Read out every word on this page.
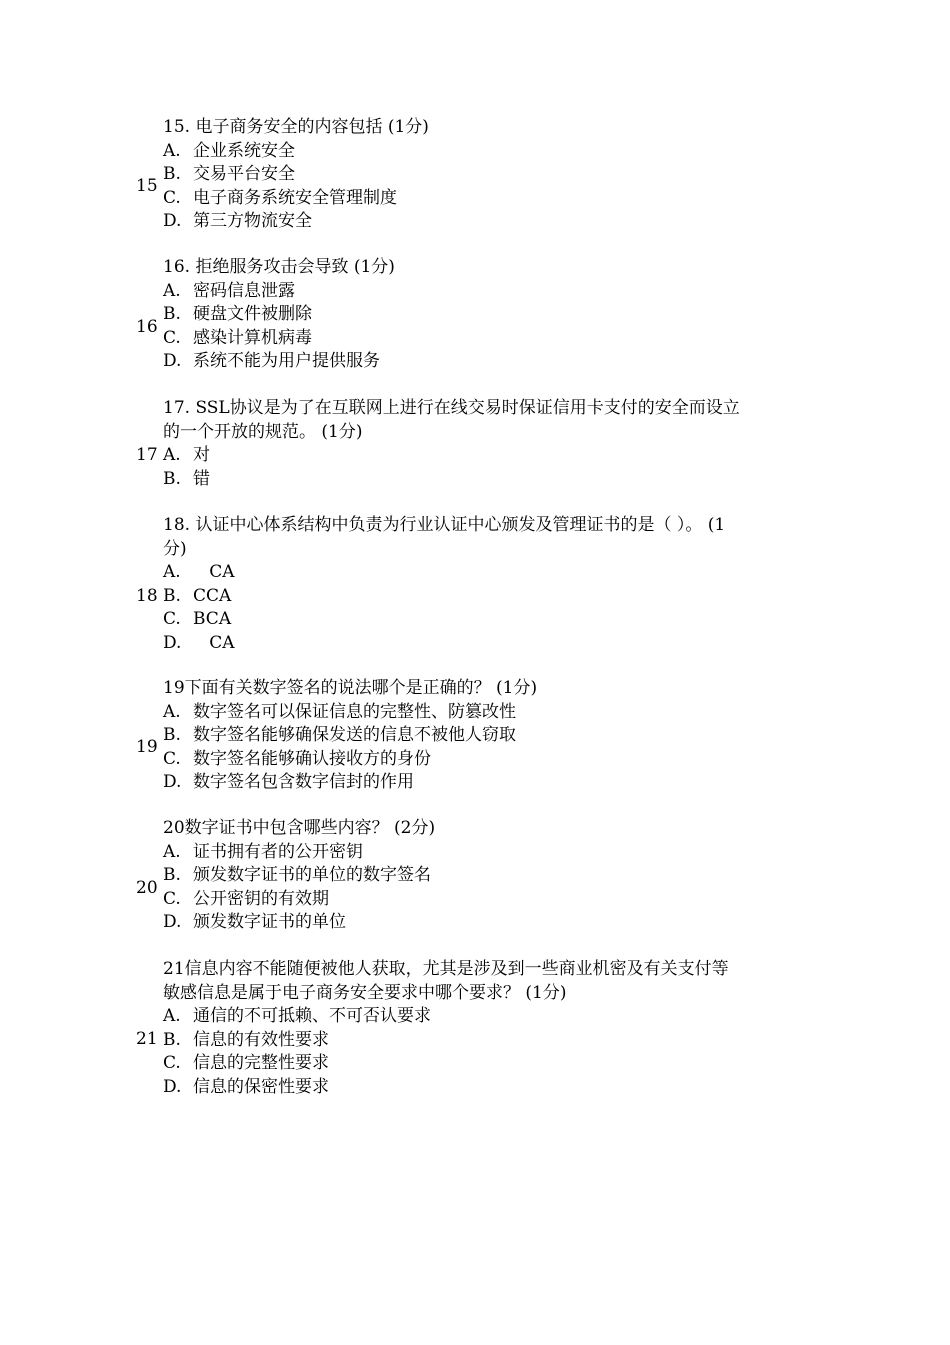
15
15. 电子商务安全的内容包括 (1分)
A. 企业系统安全
B. 交易平台安全
C. 电子商务系统安全管理制度
D. 第三方物流安全
16
16. 拒绝服务攻击会导致 (1分)
A. 密码信息泄露
B. 硬盘文件被删除
C. 感染计算机病毒
D. 系统不能为用户提供服务
17
17. SSL协议是为了在互联网上进行在线交易时保证信用卡支付的安全而设立的一个开放的规范。 (1分)
A. 对
B. 错
18
18. 认证中心体系结构中负责为行业认证中心颁发及管理证书的是（ ）。 (1分)
A.   CA
B. CCA
C. BCA
D.   CA
19
19下面有关数字签名的说法哪个是正确的？ (1分)
A. 数字签名可以保证信息的完整性、防篡改性
B. 数字签名能够确保发送的信息不被他人窃取
C. 数字签名能够确认接收方的身份
D. 数字签名包含数字信封的作用
20
20数字证书中包含哪些内容？ (2分)
A. 证书拥有者的公开密钥
B. 颁发数字证书的单位的数字签名
C. 公开密钥的有效期
D. 颁发数字证书的单位
21
21信息内容不能随便被他人获取，尤其是涉及到一些商业机密及有关支付等敏感信息是属于电子商务安全要求中哪个要求？ (1分)
A. 通信的不可抵赖、不可否认要求
B. 信息的有效性要求
C. 信息的完整性要求
D. 信息的保密性要求
